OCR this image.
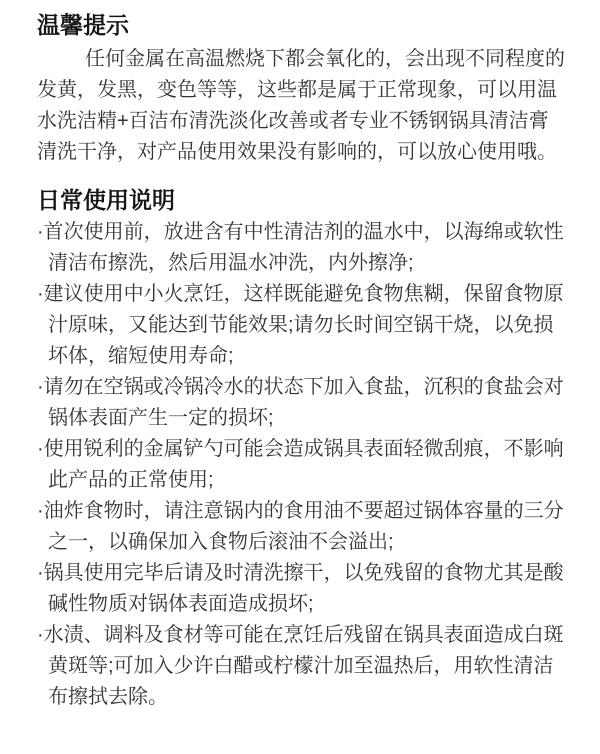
温馨提示

任何金属在高温燃烧下都会氧化的，会出现不同程度的发黄，发黑，变色等等，这些都是属于正常现象，可以用温水洗洁精+百洁布清洗淡化改善或者专业不锈钢锅具清洁膏清洗干净，对产品使用效果没有影响的，可以放心使用哦。

日常使用说明
·首次使用前，放进含有中性清洁剂的温水中，以海绵或软性清洁布擦洗，然后用温水冲洗，内外擦净;
·建议使用中小火烹饪，这样既能避免食物焦糊，保留食物原汁原味，又能达到节能效果;请勿长时间空锅干烧，以免损坏体，缩短使用寿命;
·请勿在空锅或冷锅冷水的状态下加入食盐，沉积的食盐会对锅体表面产生一定的损坏;
·使用锐利的金属铲勺可能会造成锅具表面轻微刮痕，不影响此产品的正常使用;
·油炸食物时，请注意锅内的食用油不要超过锅体容量的三分之一，以确保加入食物后滚油不会溢出;
·锅具使用完毕后请及时清洗擦干，以免残留的食物尤其是酸碱性物质对锅体表面造成损坏;
·水渍、调料及食材等可能在烹饪后残留在锅具表面造成白斑黄斑等;可加入少许白醋或柠檬汁加至温热后，用软性清洁布擦拭去除。
